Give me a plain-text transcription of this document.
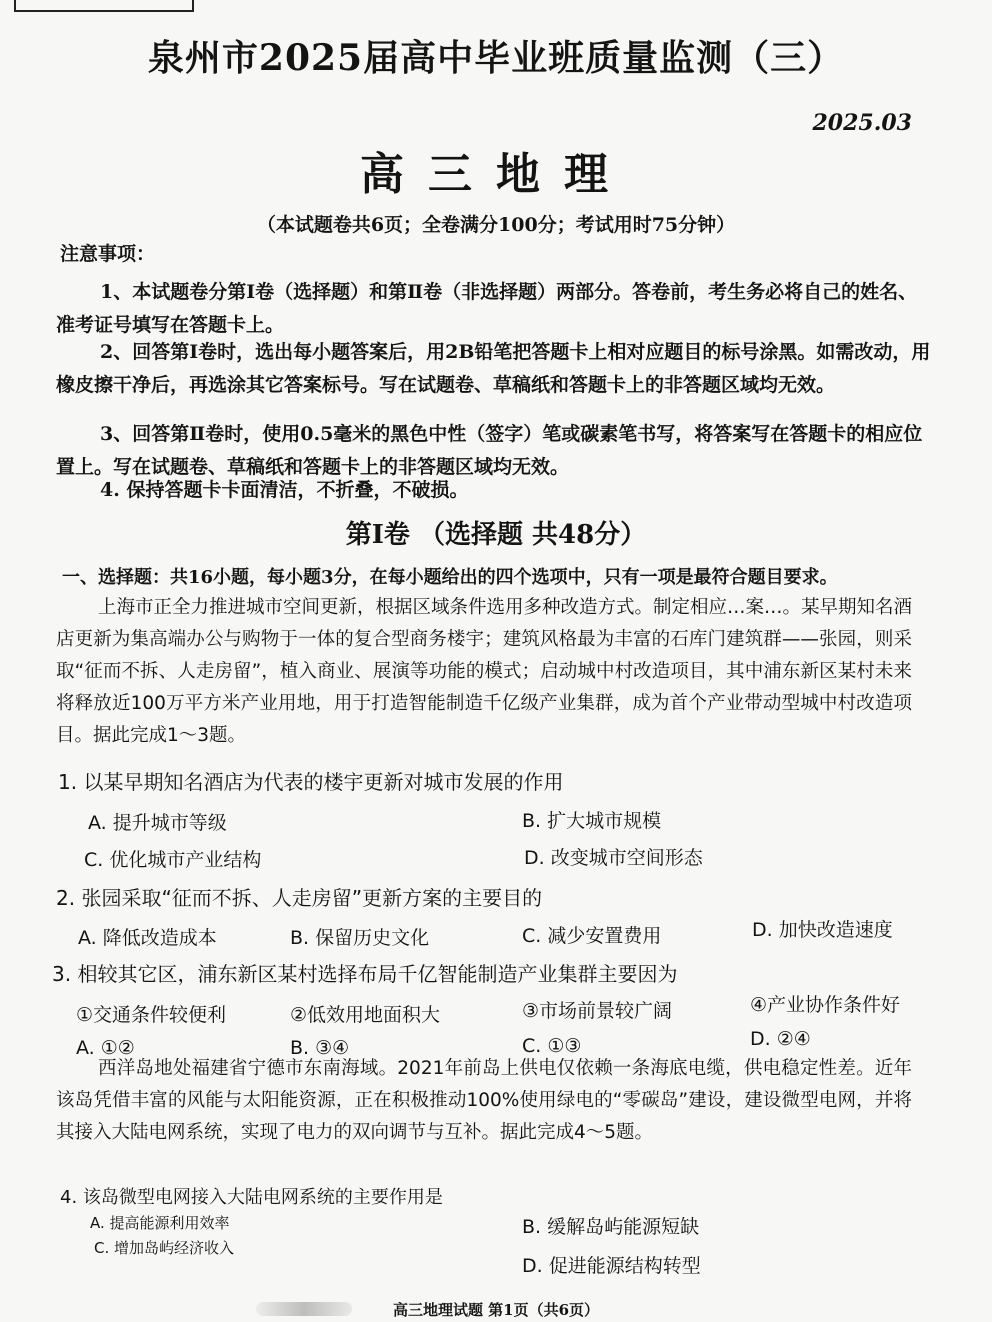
泉州市2025届高中毕业班质量监测（三）
2025.03
高三地理
（本试题卷共6页；全卷满分100分；考试用时75分钟）
注意事项：
1、本试题卷分第Ⅰ卷（选择题）和第Ⅱ卷（非选择题）两部分。答卷前，考生务必将自己的姓名、准考证号填写在答题卡上。
2、回答第Ⅰ卷时，选出每小题答案后，用2B铅笔把答题卡上相对应题目的标号涂黑。如需改动，用橡皮擦干净后，再选涂其它答案标号。写在试题卷、草稿纸和答题卡上的非答题区域均无效。
3、回答第Ⅱ卷时，使用0.5毫米的黑色中性（签字）笔或碳素笔书写，将答案写在答题卡的相应位置上。写在试题卷、草稿纸和答题卡上的非答题区域均无效。
4. 保持答题卡卡面清洁，不折叠，不破损。
第Ⅰ卷 （选择题 共48分）
一、选择题：共16小题，每小题3分，在每小题给出的四个选项中，只有一项是最符合题目要求。
上海市正全力推进城市空间更新，根据区域条件选用多种改造方式。制定相应…案…。某早期知名酒店更新为集高端办公与购物于一体的复合型商务楼宇；建筑风格最为丰富的石库门建筑群——张园，则采取“征而不拆、人走房留”，植入商业、展演等功能的模式；启动城中村改造项目，其中浦东新区某村未来将释放近100万平方米产业用地，用于打造智能制造千亿级产业集群，成为首个产业带动型城中村改造项目。据此完成1～3题。
1. 以某早期知名酒店为代表的楼宇更新对城市发展的作用
A. 提升城市等级	B. 扩大城市规模
C. 优化城市产业结构	D. 改变城市空间形态
2. 张园采取“征而不拆、人走房留”更新方案的主要目的
A. 降低改造成本	B. 保留历史文化	C. 减少安置费用	D. 加快改造速度
3. 相较其它区，浦东新区某村选择布局千亿智能制造产业集群主要因为
①交通条件较便利	②低效用地面积大	③市场前景较广阔	④产业协作条件好
A. ①②	B. ③④	C. ①③	D. ②④
西洋岛地处福建省宁德市东南海域。2021年前岛上供电仅依赖一条海底电缆，供电稳定性差。近年该岛凭借丰富的风能与太阳能资源，正在积极推动100%使用绿电的“零碳岛”建设，建设微型电网，并将其接入大陆电网系统，实现了电力的双向调节与互补。据此完成4～5题。
4. 该岛微型电网接入大陆电网系统的主要作用是
A. 提高能源利用效率	B. 缓解岛屿能源短缺
C. 增加岛屿经济收入
D. 促进能源结构转型
高三地理试题 第1页（共6页）
